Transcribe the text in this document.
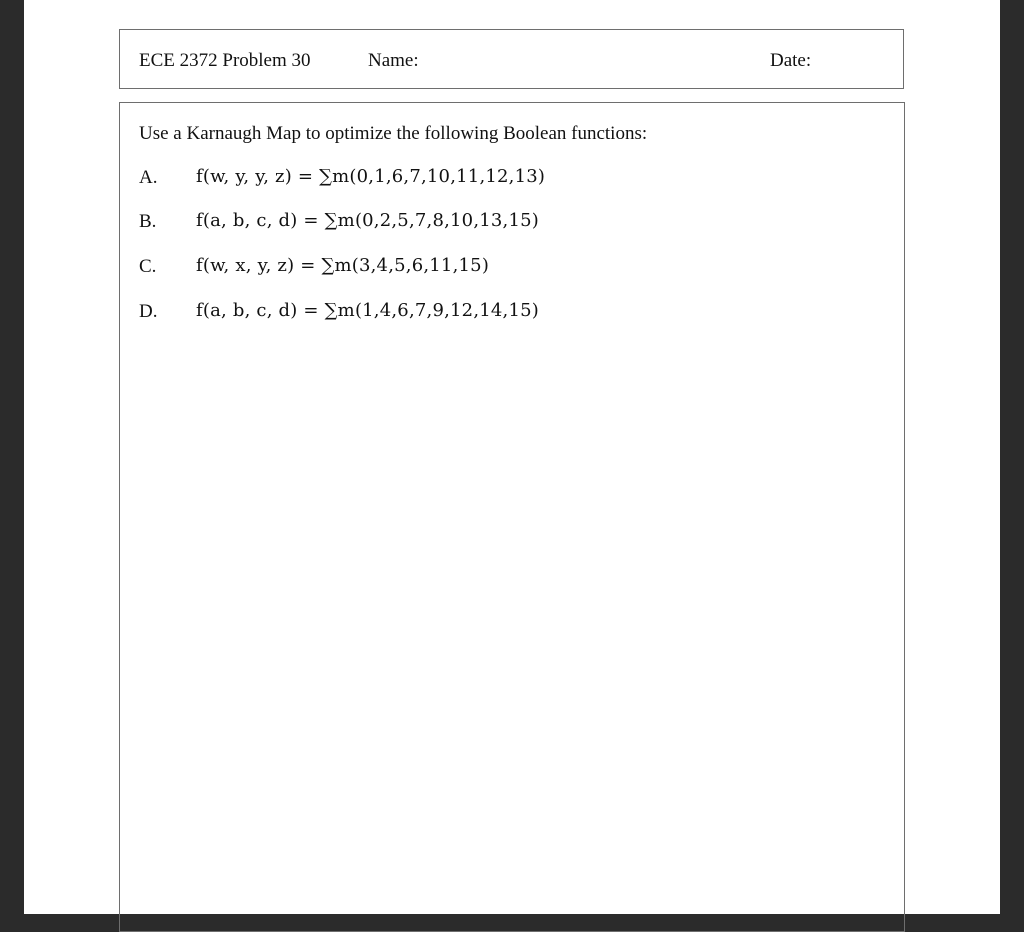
ECE 2372 Problem 30	Name:	Date:
Use a Karnaugh Map to optimize the following Boolean functions:
A. f(w, y, y, z) = ∑m(0,1,6,7,10,11,12,13)
B. f(a, b, c, d) = ∑m(0,2,5,7,8,10,13,15)
C. f(w, x, y, z) = ∑m(3,4,5,6,11,15)
D. f(a, b, c, d) = ∑m(1,4,6,7,9,12,14,15)
